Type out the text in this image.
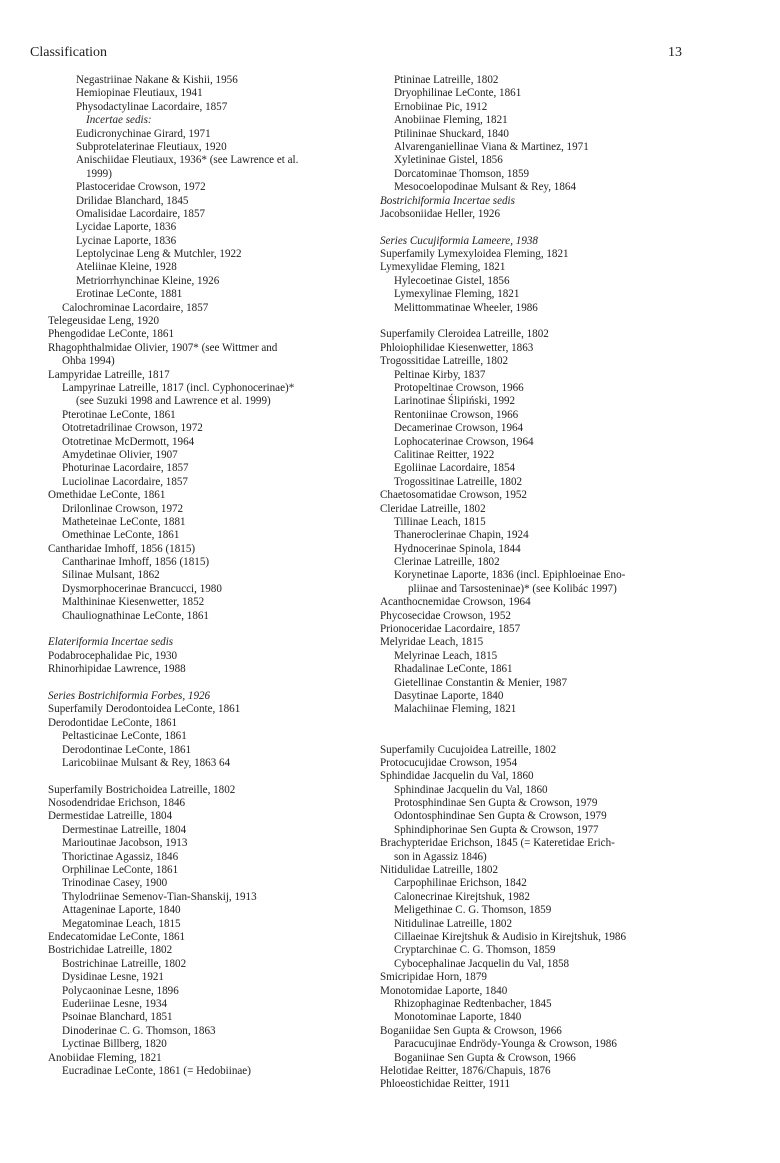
Classification	13
Negastriinae Nakane & Kishii, 1956
Hemiopinae Fleutiaux, 1941
Physodactylinae Lacordaire, 1857
Incertae sedis:
Eudicronychinae Girard, 1971
Subprotelaterinae Fleutiaux, 1920
Anischiidae Fleutiaux, 1936* (see Lawrence et al.
1999)
Plastoceridae Crowson, 1972
Drilidae Blanchard, 1845
Omalisidae Lacordaire, 1857
Lycidae Laporte, 1836
Lycinae Laporte, 1836
Leptolycinae Leng & Mutchler, 1922
Ateliinae Kleine, 1928
Metriorrhynchinae Kleine, 1926
Erotinae LeConte, 1881
Calochrominae Lacordaire, 1857
Telegeusidae Leng, 1920
Phengodidae LeConte, 1861
Rhagophthalmidae Olivier, 1907* (see Wittmer and
Ohba 1994)
Lampyridae Latreille, 1817
Lampyrinae Latreille, 1817 (incl. Cyphonocerinae)*
(see Suzuki 1998 and Lawrence et al. 1999)
Pterotinae LeConte, 1861
Ototretadrilinae Crowson, 1972
Ototretinae McDermott, 1964
Amydetinae Olivier, 1907
Photurinae Lacordaire, 1857
Luciolinae Lacordaire, 1857
Omethidae LeConte, 1861
Drilonlinae Crowson, 1972
Matheteinae LeConte, 1881
Omethinae LeConte, 1861
Cantharidae Imhoff, 1856 (1815)
Cantharinae Imhoff, 1856 (1815)
Silinae Mulsant, 1862
Dysmorphocerinae Brancucci, 1980
Malthininae Kiesenwetter, 1852
Chauliognathinae LeConte, 1861
Elateriformia Incertae sedis
Podabrocephalidae Pic, 1930
Rhinorhipidae Lawrence, 1988
Series Bostrichiformia Forbes, 1926
Superfamily Derodontoidea LeConte, 1861
Derodontidae LeConte, 1861
Peltasticinae LeConte, 1861
Derodontinae LeConte, 1861
Laricobiinae Mulsant & Rey, 1863 64
Superfamily Bostrichoidea Latreille, 1802
Nosodendridae Erichson, 1846
Dermestidae Latreille, 1804
Dermestinae Latreille, 1804
Marioutinae Jacobson, 1913
Thorictinae Agassiz, 1846
Orphilinae LeConte, 1861
Trinodinae Casey, 1900
Thylodriinae Semenov-Tian-Shanskij, 1913
Attageninae Laporte, 1840
Megatominae Leach, 1815
Endecatomidae LeConte, 1861
Bostrichidae Latreille, 1802
Bostrichinae Latreille, 1802
Dysidinae Lesne, 1921
Polycaoninae Lesne, 1896
Euderiinae Lesne, 1934
Psoinae Blanchard, 1851
Dinoderinae C. G. Thomson, 1863
Lyctinae Billberg, 1820
Anobiidae Fleming, 1821
Eucradinae LeConte, 1861 (= Hedobiinae)
Ptininae Latreille, 1802
Dryophilinae LeConte, 1861
Ernobiinae Pic, 1912
Anobiinae Fleming, 1821
Ptilininae Shuckard, 1840
Alvarenganiellinae Viana & Martinez, 1971
Xyletininae Gistel, 1856
Dorcatominae Thomson, 1859
Mesocoelopodinae Mulsant & Rey, 1864
Bostrichiformia Incertae sedis
Jacobsoniidae Heller, 1926
Series Cucujiformia Lameere, 1938
Superfamily Lymexyloidea Fleming, 1821
Lymexylidae Fleming, 1821
Hylecoetinae Gistel, 1856
Lymexylinae Fleming, 1821
Melittommatinae Wheeler, 1986
Superfamily Cleroidea Latreille, 1802
Phloiophilidae Kiesenwetter, 1863
Trogossitidae Latreille, 1802
Peltinae Kirby, 1837
Protopeltinae Crowson, 1966
Larinotinae Ślipiński, 1992
Rentoniinae Crowson, 1966
Decamerinae Crowson, 1964
Lophocaterinae Crowson, 1964
Calitinae Reitter, 1922
Egoliinae Lacordaire, 1854
Trogossitinae Latreille, 1802
Chaetosomatidae Crowson, 1952
Cleridae Latreille, 1802
Tillinae Leach, 1815
Thaneroclerinae Chapin, 1924
Hydnocerinae Spinola, 1844
Clerinae Latreille, 1802
Korynetinae Laporte, 1836 (incl. Epiphloeinae Eno-
pliinae and Tarsosteninae)* (see Kolibác 1997)
Acanthocnemidae Crowson, 1964
Phycosecidae Crowson, 1952
Prionoceridae Lacordaire, 1857
Melyridae Leach, 1815
Melyrinae Leach, 1815
Rhadalinae LeConte, 1861
Gietellinae Constantin & Menier, 1987
Dasytinae Laporte, 1840
Malachiinae Fleming, 1821
Superfamily Cucujoidea Latreille, 1802
Protocucujidae Crowson, 1954
Sphindidae Jacquelin du Val, 1860
Sphindinae Jacquelin du Val, 1860
Protosphindinae Sen Gupta & Crowson, 1979
Odontosphindinae Sen Gupta & Crowson, 1979
Sphindiphorinae Sen Gupta & Crowson, 1977
Brachypteridae Erichson, 1845 (= Kateretidae Erich-
son in Agassiz 1846)
Nitidulidae Latreille, 1802
Carpophilinae Erichson, 1842
Calonecrinae Kirejtshuk, 1982
Meligethinae C. G. Thomson, 1859
Nitidulinae Latreille, 1802
Cillaeinae Kirejtshuk & Audisio in Kirejtshuk, 1986
Cryptarchinae C. G. Thomson, 1859
Cybocephalinae Jacquelin du Val, 1858
Smicripidae Horn, 1879
Monotomidae Laporte, 1840
Rhizophaginae Redtenbacher, 1845
Monotominae Laporte, 1840
Boganiidae Sen Gupta & Crowson, 1966
Paracucujinae Endrödy-Younga & Crowson, 1986
Boganiinae Sen Gupta & Crowson, 1966
Helotidae Reitter, 1876/Chapuis, 1876
Phloeostichidae Reitter, 1911
